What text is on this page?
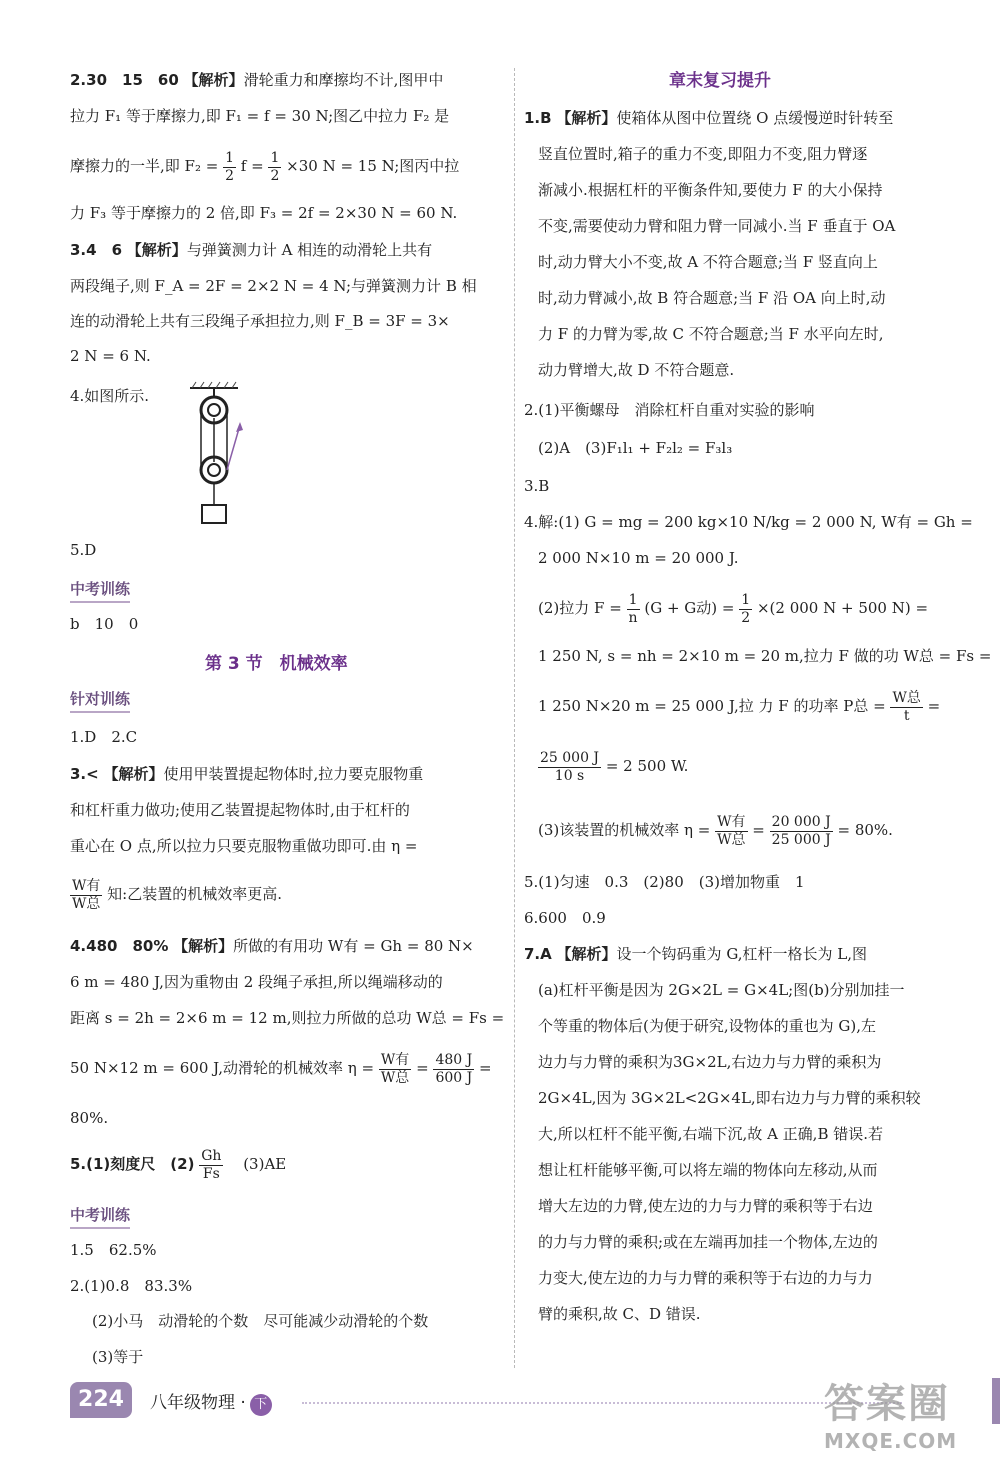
2.30　15　60 【解析】滑轮重力和摩擦均不计,图甲中
拉力 F₁ 等于摩擦力,即 F₁ = f = 30 N;图乙中拉力 F₂ 是
摩擦力的一半,即 $F_2 = \frac{1}{2}$ $f = \frac{1}{2} \times 30$ N = 15 N;图丙中拉
力 F₃ 等于摩擦力的 2 倍,即 F₃ = 2f = 2×30 N = 60 N.
3.4　6 【解析】与弹簧测力计 A 相连的动滑轮上共有
两段绳子,则 F_A = 2F = 2×2 N = 4 N;与弹簧测力计 B 相
连的动滑轮上共有三段绳子承担拉力,则 F_B = 3F = 3×
2 N = 6 N.
4.如图所示.
5.D
中考训练
b　10　0
第 3 节　机械效率
针对训练
1.D　2.C
3.< 【解析】使用甲装置提起物体时,拉力要克服物重
和杠杆重力做功;使用乙装置提起物体时,由于杠杆的
重心在 O 点,所以拉力只要克服物重做功即可.由 η =
$\frac{\text{W有}}{\text{W总}}$ 知:乙装置的机械效率更高.
4.480　80% 【解析】所做的有用功 W有 = Gh = 80 N×
6 m = 480 J,因为重物由 2 段绳子承担,所以绳端移动的
距离 s = 2h = 2×6 m = 12 m,则拉力所做的总功 W总 = Fs =
50 N×12 m = 600 J,动滑轮的机械效率 $\eta = \frac{\text{W有}}{\text{W总}} = \frac{480 J}{600 J}$ =
80%.
5.(1)刻度尺　$(2) \frac{Gh}{Fs}$ 　(3)AE
中考训练
1.5　62.5%
2.(1)0.8　83.3%
(2)小马　动滑轮的个数　尽可能减少动滑轮的个数
(3)等于
章末复习提升
1.B 【解析】使箱体从图中位置绕 O 点缓慢逆时针转至
竖直位置时,箱子的重力不变,即阻力不变,阻力臂逐
渐减小.根据杠杆的平衡条件知,要使力 F 的大小保持
不变,需要使动力臂和阻力臂一同减小.当 F 垂直于 OA
时,动力臂大小不变,故 A 不符合题意;当 F 竖直向上
时,动力臂减小,故 B 符合题意;当 F 沿 OA 向上时,动
力 F 的力臂为零,故 C 不符合题意;当 F 水平向左时,
动力臂增大,故 D 不符合题意.
2.(1)平衡螺母　消除杠杆自重对实验的影响
(2)A　(3)F₁l₁ + F₂l₂ = F₃l₃
3.B
4.解:(1) G = mg = 200 kg×10 N/kg = 2 000 N, W有 = Gh =
2 000 N×10 m = 20 000 J.
(2)拉力 $F = \frac{1}{n} (G + G$动) = $\frac{1}{2} \times(2$ 000 N + 500 N) =
1 250 N, s = nh = 2×10 m = 20 m,拉力 F 做的功 W总 = Fs =
1 250 N×20 m = 25 000 J,拉 力 F 的功率 P总 = $\frac{\text{W总}}{t}$ =
$\frac{25 000 J}{10 s} = 2$ 500 W.
(3)该装置的机械效率 $\eta = \frac{\text{W有}}{\text{W总}} = \frac{20 000 J}{25 000 J} = 80\%$.
5.(1)匀速　0.3　(2)80　(3)增加物重　1
6.600　0.9
7.A 【解析】设一个钩码重为 G,杠杆一格长为 L,图
(a)杠杆平衡是因为 2G×2L = G×4L;图(b)分别加挂一
个等重的物体后(为便于研究,设物体的重也为 G),左
边力与力臂的乘积为3G×2L,右边力与力臂的乘积为
2G×4L,因为 3G×2L<2G×4L,即右边力与力臂的乘积较
大,所以杠杆不能平衡,右端下沉,故 A 正确,B 错误.若
想让杠杆能够平衡,可以将左端的物体向左移动,从而
增大左边的力臂,使左边的力与力臂的乘积等于右边
的力与力臂的乘积;或在左端再加挂一个物体,左边的
力变大,使左边的力与力臂的乘积等于右边的力与力
臂的乘积,故 C、D 错误.
224	八年级物理 · 下	答案圈
MXQE.COM
